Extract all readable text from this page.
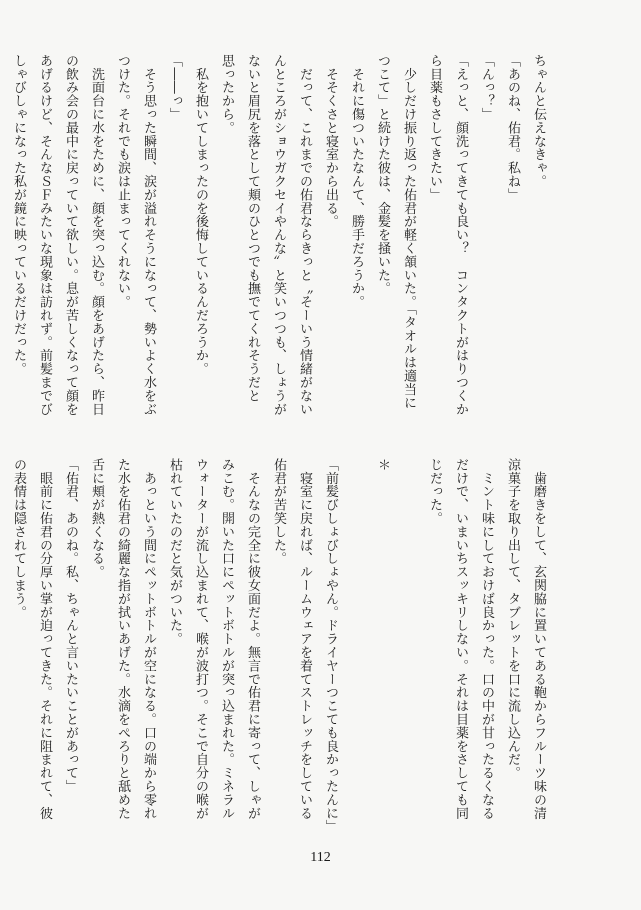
ちゃんと伝えなきゃ。
「あのね、佑君。私ね」
「んっ？」
「えっと、顔洗ってきても良い？　コンタクトがはりつくか
ら目薬もさしてきたい」
　少しだけ振り返った佑君が軽く頷いた。「タオルは適当に
つこて」と続けた彼は、金髪を掻いた。
　それに傷ついたなんて、勝手だろうか。
　そそくさと寝室から出る。
　だって、これまでの佑君ならきっと〝そーいう情緒がない
んところがショウガクセイやんな〟と笑いつつも、しょうが
ないと眉尻を落として頬のひとつでも撫でてくれそうだと
思ったから。
　私を抱いてしまったのを後悔しているんだろうか。
「――っ」
　そう思った瞬間、涙が溢れそうになって、勢いよく水をぶ
つけた。それでも涙は止まってくれない。
　洗面台に水をために、顔を突っ込む。顔をあげたら、昨日
の飲み会の最中に戻っていて欲しい。息が苦しくなって顔を
あげるけど、そんなＳＦみたいな現象は訪れず。前髪までび
しゃびしゃになった私が鏡に映っているだけだった。
　歯磨きをして、玄関脇に置いてある鞄からフルーツ味の清
涼菓子を取り出して、タブレットを口に流し込んだ。
　ミント味にしておけば良かった。口の中が甘ったるくなる
だけで、いまいちスッキリしない。それは目薬をさしても同
じだった。

＊

「前髪びしょびしょやん。ドライヤーつこても良かったんに」
　寝室に戻れば、ルームウェアを着てストレッチをしている
佑君が苦笑した。
　そんなの完全に彼女面だよ。無言で佑君に寄って、しゃが
みこむ。開いた口にペットボトルが突っ込まれた。ミネラル
ウォーターが流し込まれて、喉が波打つ。そこで自分の喉が
枯れていたのだと気がついた。
　あっという間にペットボトルが空になる。口の端から零れ
た水を佑君の綺麗な指が拭いあげた。水滴をぺろりと舐めた
舌に頬が熱くなる。
「佑君、あのね。私、ちゃんと言いたいことがあって」
　眼前に佑君の分厚い掌が迫ってきた。それに阻まれて、彼
の表情は隠されてしまう。
112
